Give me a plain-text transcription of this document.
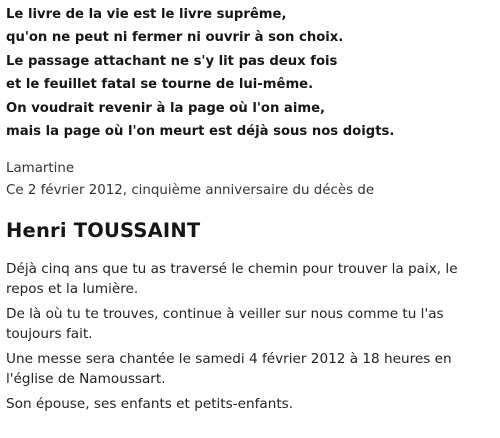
Le livre de la vie est le livre suprême,
qu'on ne peut ni fermer ni ouvrir à son choix.
Le passage attachant ne s'y lit pas deux fois
et le feuillet fatal se tourne de lui-même.
On voudrait revenir à la page où l'on aime,
mais la page où l'on meurt est déjà sous nos doigts.
Lamartine
Ce 2 février 2012, cinquième anniversaire du décès de
Henri TOUSSAINT

Déjà cinq ans que tu as traversé le chemin pour trouver la paix, le repos et la lumière.

De là où tu te trouves, continue à veiller sur nous comme tu l'as toujours fait.

Une messe sera chantée le samedi 4 février 2012 à 18 heures en l'église de Namoussart.

Son épouse, ses enfants et petits-enfants.
